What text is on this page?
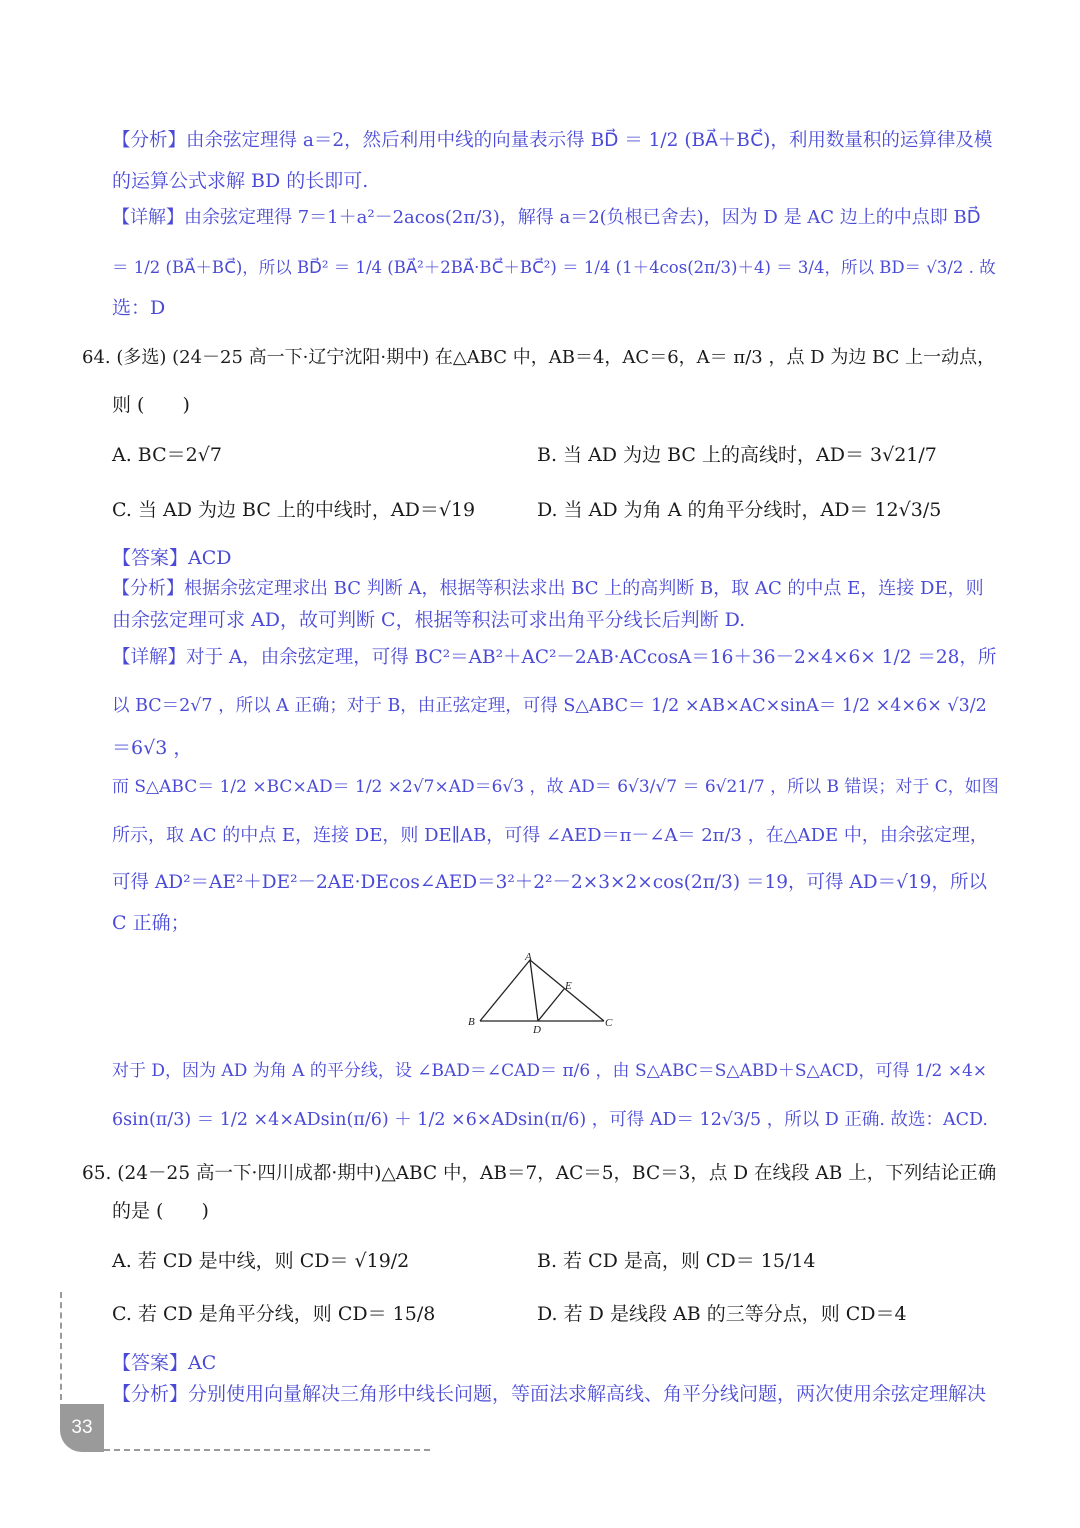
【分析】由余弦定理得 a＝2，然后利用中线的向量表示得 BD⃗ ＝ 1/2 (BA⃗＋BC⃗)，利用数量积的运算律及模
的运算公式求解 BD 的长即可.
【详解】由余弦定理得 7＝1＋a²－2acos(2π/3)，解得 a＝2(负根已舍去)，因为 D 是 AC 边上的中点即 BD⃗
＝ 1/2 (BA⃗＋BC⃗)，所以 BD⃗² ＝ 1/4 (BA⃗²＋2BA⃗·BC⃗＋BC⃗²) ＝ 1/4 (1＋4cos(2π/3)＋4) ＝ 3/4，所以 BD＝ √3/2 . 故
选：D
64. (多选) (24－25 高一下·辽宁沈阳·期中) 在△ABC 中，AB＝4，AC＝6，A＝ π/3 ，点 D 为边 BC 上一动点，
则 (　　)
A. BC＝2√7	B. 当 AD 为边 BC 上的高线时，AD＝ 3√21/7
C. 当 AD 为边 BC 上的中线时，AD＝√19	D. 当 AD 为角 A 的角平分线时，AD＝ 12√3/5
【答案】ACD
【分析】根据余弦定理求出 BC 判断 A，根据等积法求出 BC 上的高判断 B，取 AC 的中点 E，连接 DE，则
由余弦定理可求 AD，故可判断 C，根据等积法可求出角平分线长后判断 D.
【详解】对于 A，由余弦定理，可得 BC²＝AB²＋AC²－2AB·ACcosA＝16＋36－2×4×6× 1/2 ＝28，所
以 BC＝2√7 ，所以 A 正确；对于 B，由正弦定理，可得 S△ABC＝ 1/2 ×AB×AC×sinA＝ 1/2 ×4×6× √3/2
＝6√3 ，
而 S△ABC＝ 1/2 ×BC×AD＝ 1/2 ×2√7×AD＝6√3 ，故 AD＝ 6√3/√7 ＝ 6√21/7 ，所以 B 错误；对于 C，如图
所示，取 AC 的中点 E，连接 DE，则 DE∥AB，可得 ∠AED＝π－∠A＝ 2π/3 ，在△ADE 中，由余弦定理，
可得 AD²＝AE²＋DE²－2AE·DEcos∠AED＝3²＋2²－2×3×2×cos(2π/3) ＝19，可得 AD＝√19，所以
C 正确；
A
B	C
D
E
对于 D，因为 AD 为角 A 的平分线，设 ∠BAD＝∠CAD＝ π/6 ，由 S△ABC＝S△ABD＋S△ACD，可得 1/2 ×4×
6sin(π/3) ＝ 1/2 ×4×ADsin(π/6) ＋ 1/2 ×6×ADsin(π/6) ，可得 AD＝ 12√3/5 ，所以 D 正确. 故选：ACD.
65. (24－25 高一下·四川成都·期中)△ABC 中，AB＝7，AC＝5，BC＝3，点 D 在线段 AB 上，下列结论正确
的是 (　　)
A. 若 CD 是中线，则 CD＝ √19/2	B. 若 CD 是高，则 CD＝ 15/14
C. 若 CD 是角平分线，则 CD＝ 15/8	D. 若 D 是线段 AB 的三等分点，则 CD＝4
【答案】AC
【分析】分别使用向量解决三角形中线长问题，等面法求解高线、角平分线问题，两次使用余弦定理解决
33
